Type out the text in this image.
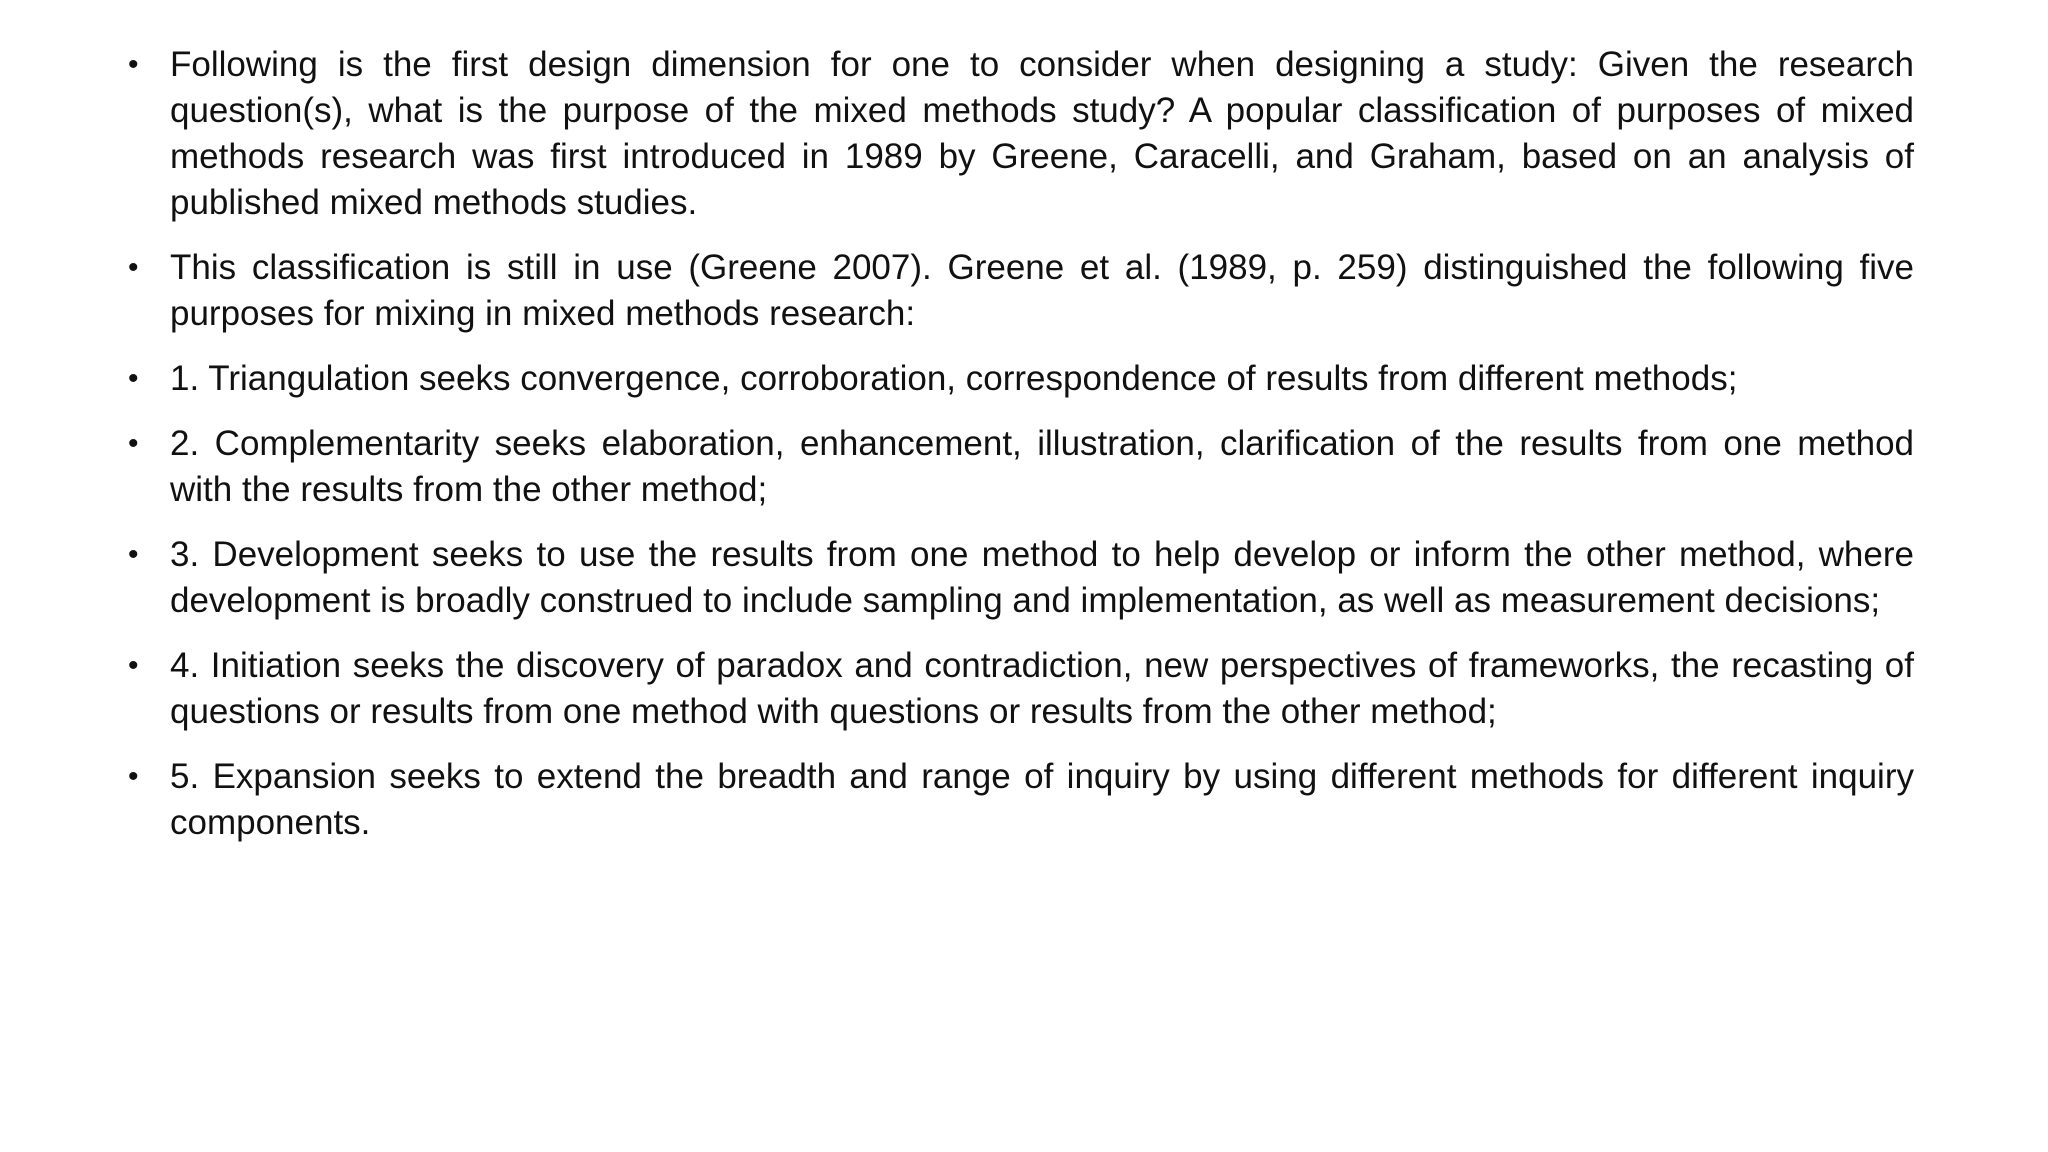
• Following is the first design dimension for one to consider when designing a study: Given the research question(s), what is the purpose of the mixed methods study? A popular classification of purposes of mixed methods research was first introduced in 1989 by Greene, Caracelli, and Graham, based on an analysis of published mixed methods studies.
• This classification is still in use (Greene 2007). Greene et al. (1989, p. 259) distinguished the following five purposes for mixing in mixed methods research:
• 1. Triangulation seeks convergence, corroboration, correspondence of results from different methods;
• 2. Complementarity seeks elaboration, enhancement, illustration, clarification of the results from one method with the results from the other method;
• 3. Development seeks to use the results from one method to help develop or inform the other method, where development is broadly construed to include sampling and implementation, as well as measurement decisions;
• 4. Initiation seeks the discovery of paradox and contradiction, new perspectives of frameworks, the recasting of questions or results from one method with questions or results from the other method;
• 5. Expansion seeks to extend the breadth and range of inquiry by using different methods for different inquiry components.
